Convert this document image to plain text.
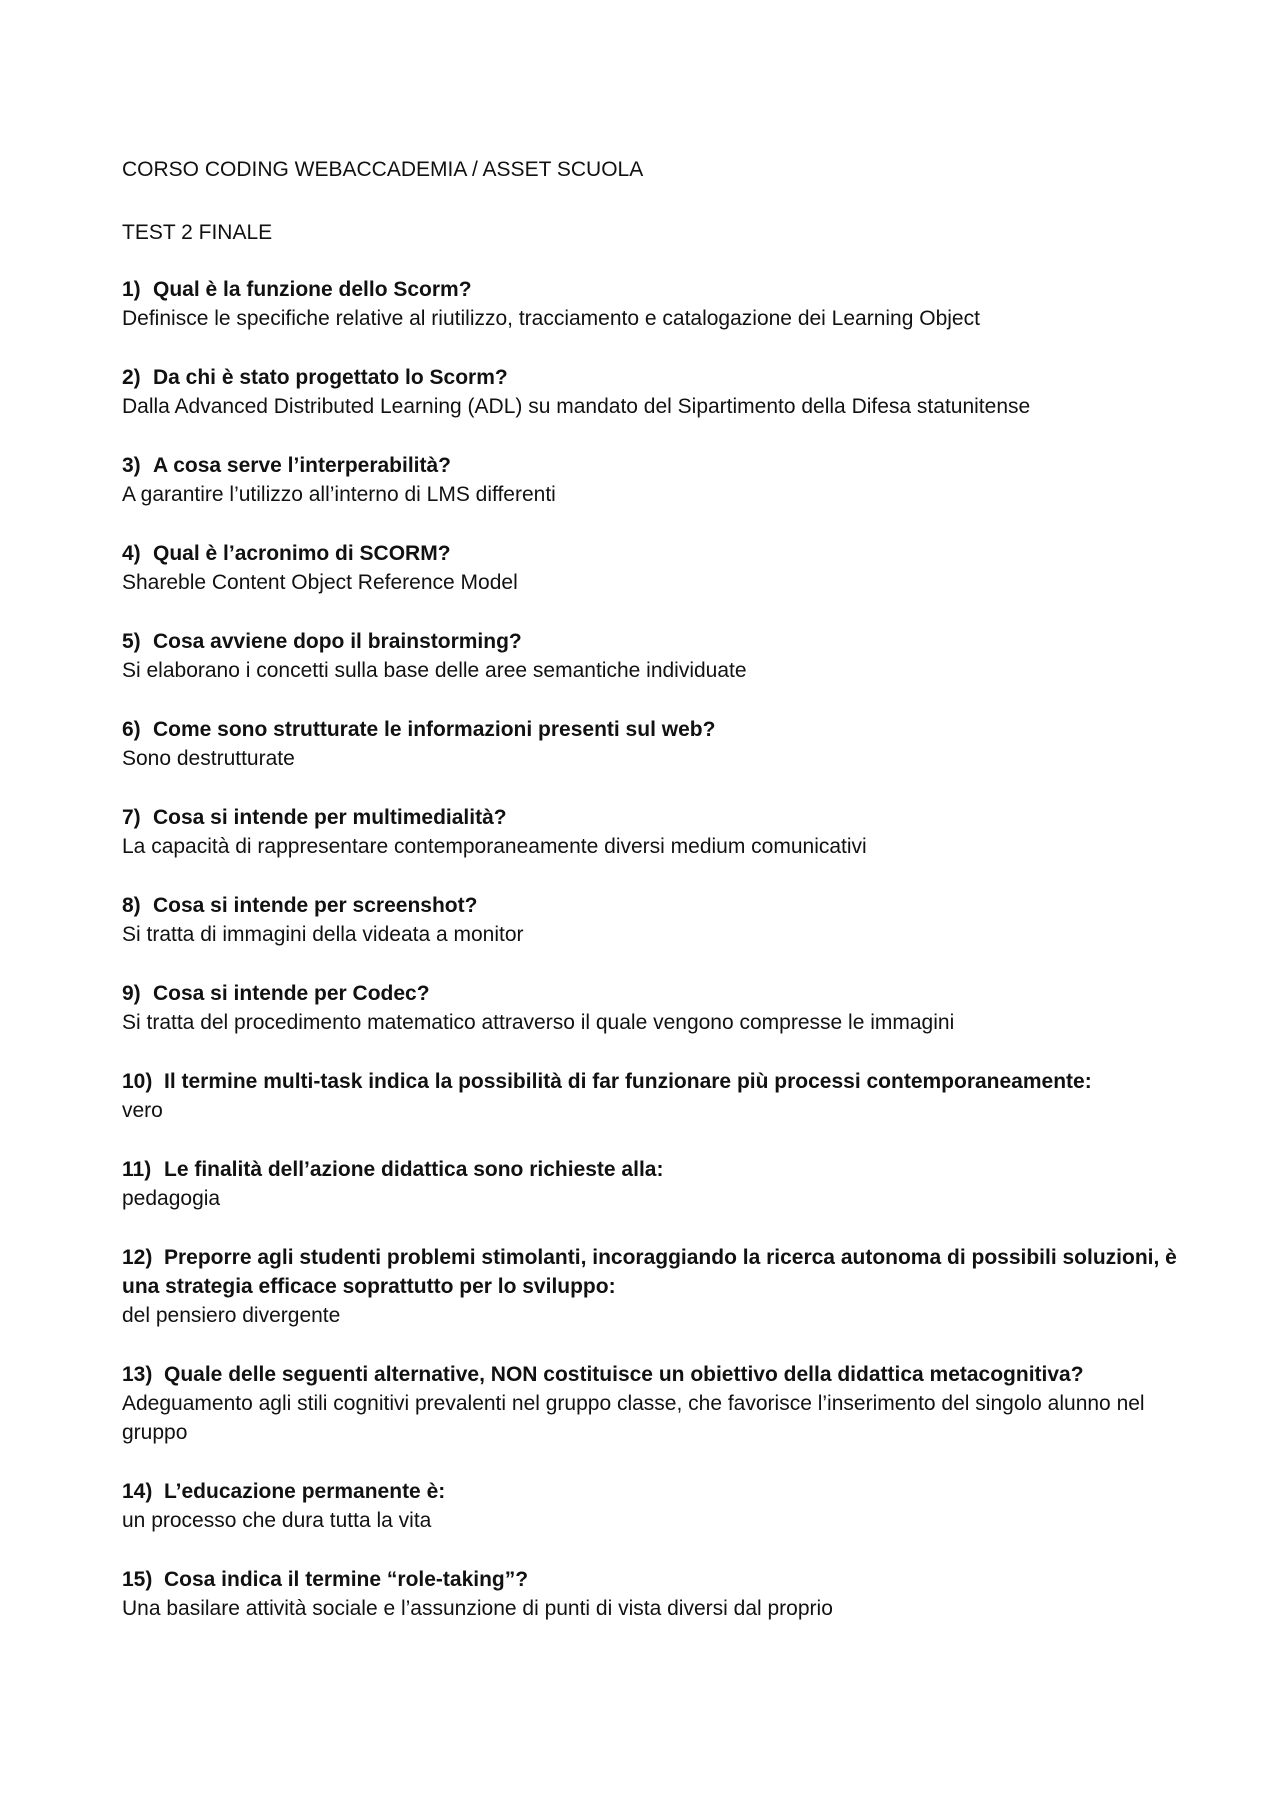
CORSO CODING WEBACCADEMIA / ASSET SCUOLA

TEST 2 FINALE

1) Qual è la funzione dello Scorm?

Definisce le specifiche relative al riutilizzo, tracciamento e catalogazione dei Learning Object

2) Da chi è stato progettato lo Scorm?

Dalla Advanced Distributed Learning (ADL) su mandato del Sipartimento della Difesa statunitense

3) A cosa serve l’interperabilità?

A garantire l’utilizzo all’interno di LMS differenti

4) Qual è l’acronimo di SCORM?

Shareble Content Object Reference Model

5) Cosa avviene dopo il brainstorming?

Si elaborano i concetti sulla base delle aree semantiche individuate

6) Come sono strutturate le informazioni presenti sul web?

Sono destrutturate

7) Cosa si intende per multimedialità?

La capacità di rappresentare contemporaneamente diversi medium comunicativi

8) Cosa si intende per screenshot?

Si tratta di immagini della videata a monitor

9) Cosa si intende per Codec?

Si tratta del procedimento matematico attraverso il quale vengono compresse le immagini

10) Il termine multi-task indica la possibilità di far funzionare più processi contemporaneamente:

vero

11) Le finalità dell’azione didattica sono richieste alla:

pedagogia

12) Preporre agli studenti problemi stimolanti, incoraggiando la ricerca autonoma di possibili soluzioni, è una strategia efficace soprattutto per lo sviluppo:

del pensiero divergente

13) Quale delle seguenti alternative, NON costituisce un obiettivo della didattica metacognitiva?

Adeguamento agli stili cognitivi prevalenti nel gruppo classe, che favorisce l’inserimento del singolo alunno nel gruppo

14) L’educazione permanente è:

un processo che dura tutta la vita

15) Cosa indica il termine “role-taking”?

Una basilare attività sociale e l’assunzione di punti di vista diversi dal proprio
